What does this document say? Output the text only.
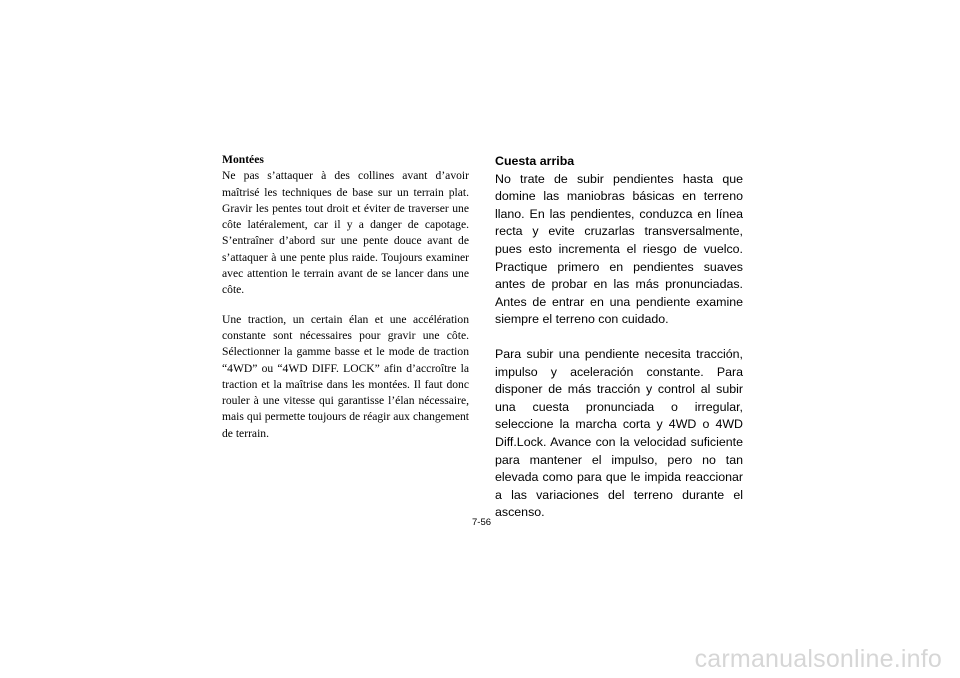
Montées

Ne pas s’attaquer à des collines avant d’avoir maîtrisé les techniques de base sur un terrain plat. Gravir les pentes tout droit et éviter de traverser une côte latéralement, car il y a danger de capotage. S’entraîner d’abord sur une pente douce avant de s’attaquer à une pente plus raide. Toujours examiner avec attention le terrain avant de se lancer dans une côte.

Une traction, un certain élan et une accélération constante sont nécessaires pour gravir une côte. Sélectionner la gamme basse et le mode de traction “4WD” ou “4WD DIFF. LOCK” afin d’accroître la traction et la maîtrise dans les montées. Il faut donc rouler à une vitesse qui garantisse l’élan nécessaire, mais qui permette toujours de réagir aux changement de terrain.

Cuesta arriba

No trate de subir pendientes hasta que domine las maniobras básicas en terreno llano. En las pendientes, conduzca en línea recta y evite cruzarlas transversalmente, pues esto incrementa el riesgo de vuelco. Practique primero en pendientes suaves antes de probar en las más pronunciadas. Antes de entrar en una pendiente examine siempre el terreno con cuidado.

Para subir una pendiente necesita tracción, impulso y aceleración constante. Para disponer de más tracción y control al subir una cuesta pronunciada o irregular, seleccione la marcha corta y 4WD o 4WD Diff.Lock. Avance con la velocidad suficiente para mantener el impulso, pero no tan elevada como para que le impida reaccionar a las variaciones del terreno durante el ascenso.

7-56
carmanualsonline.info
